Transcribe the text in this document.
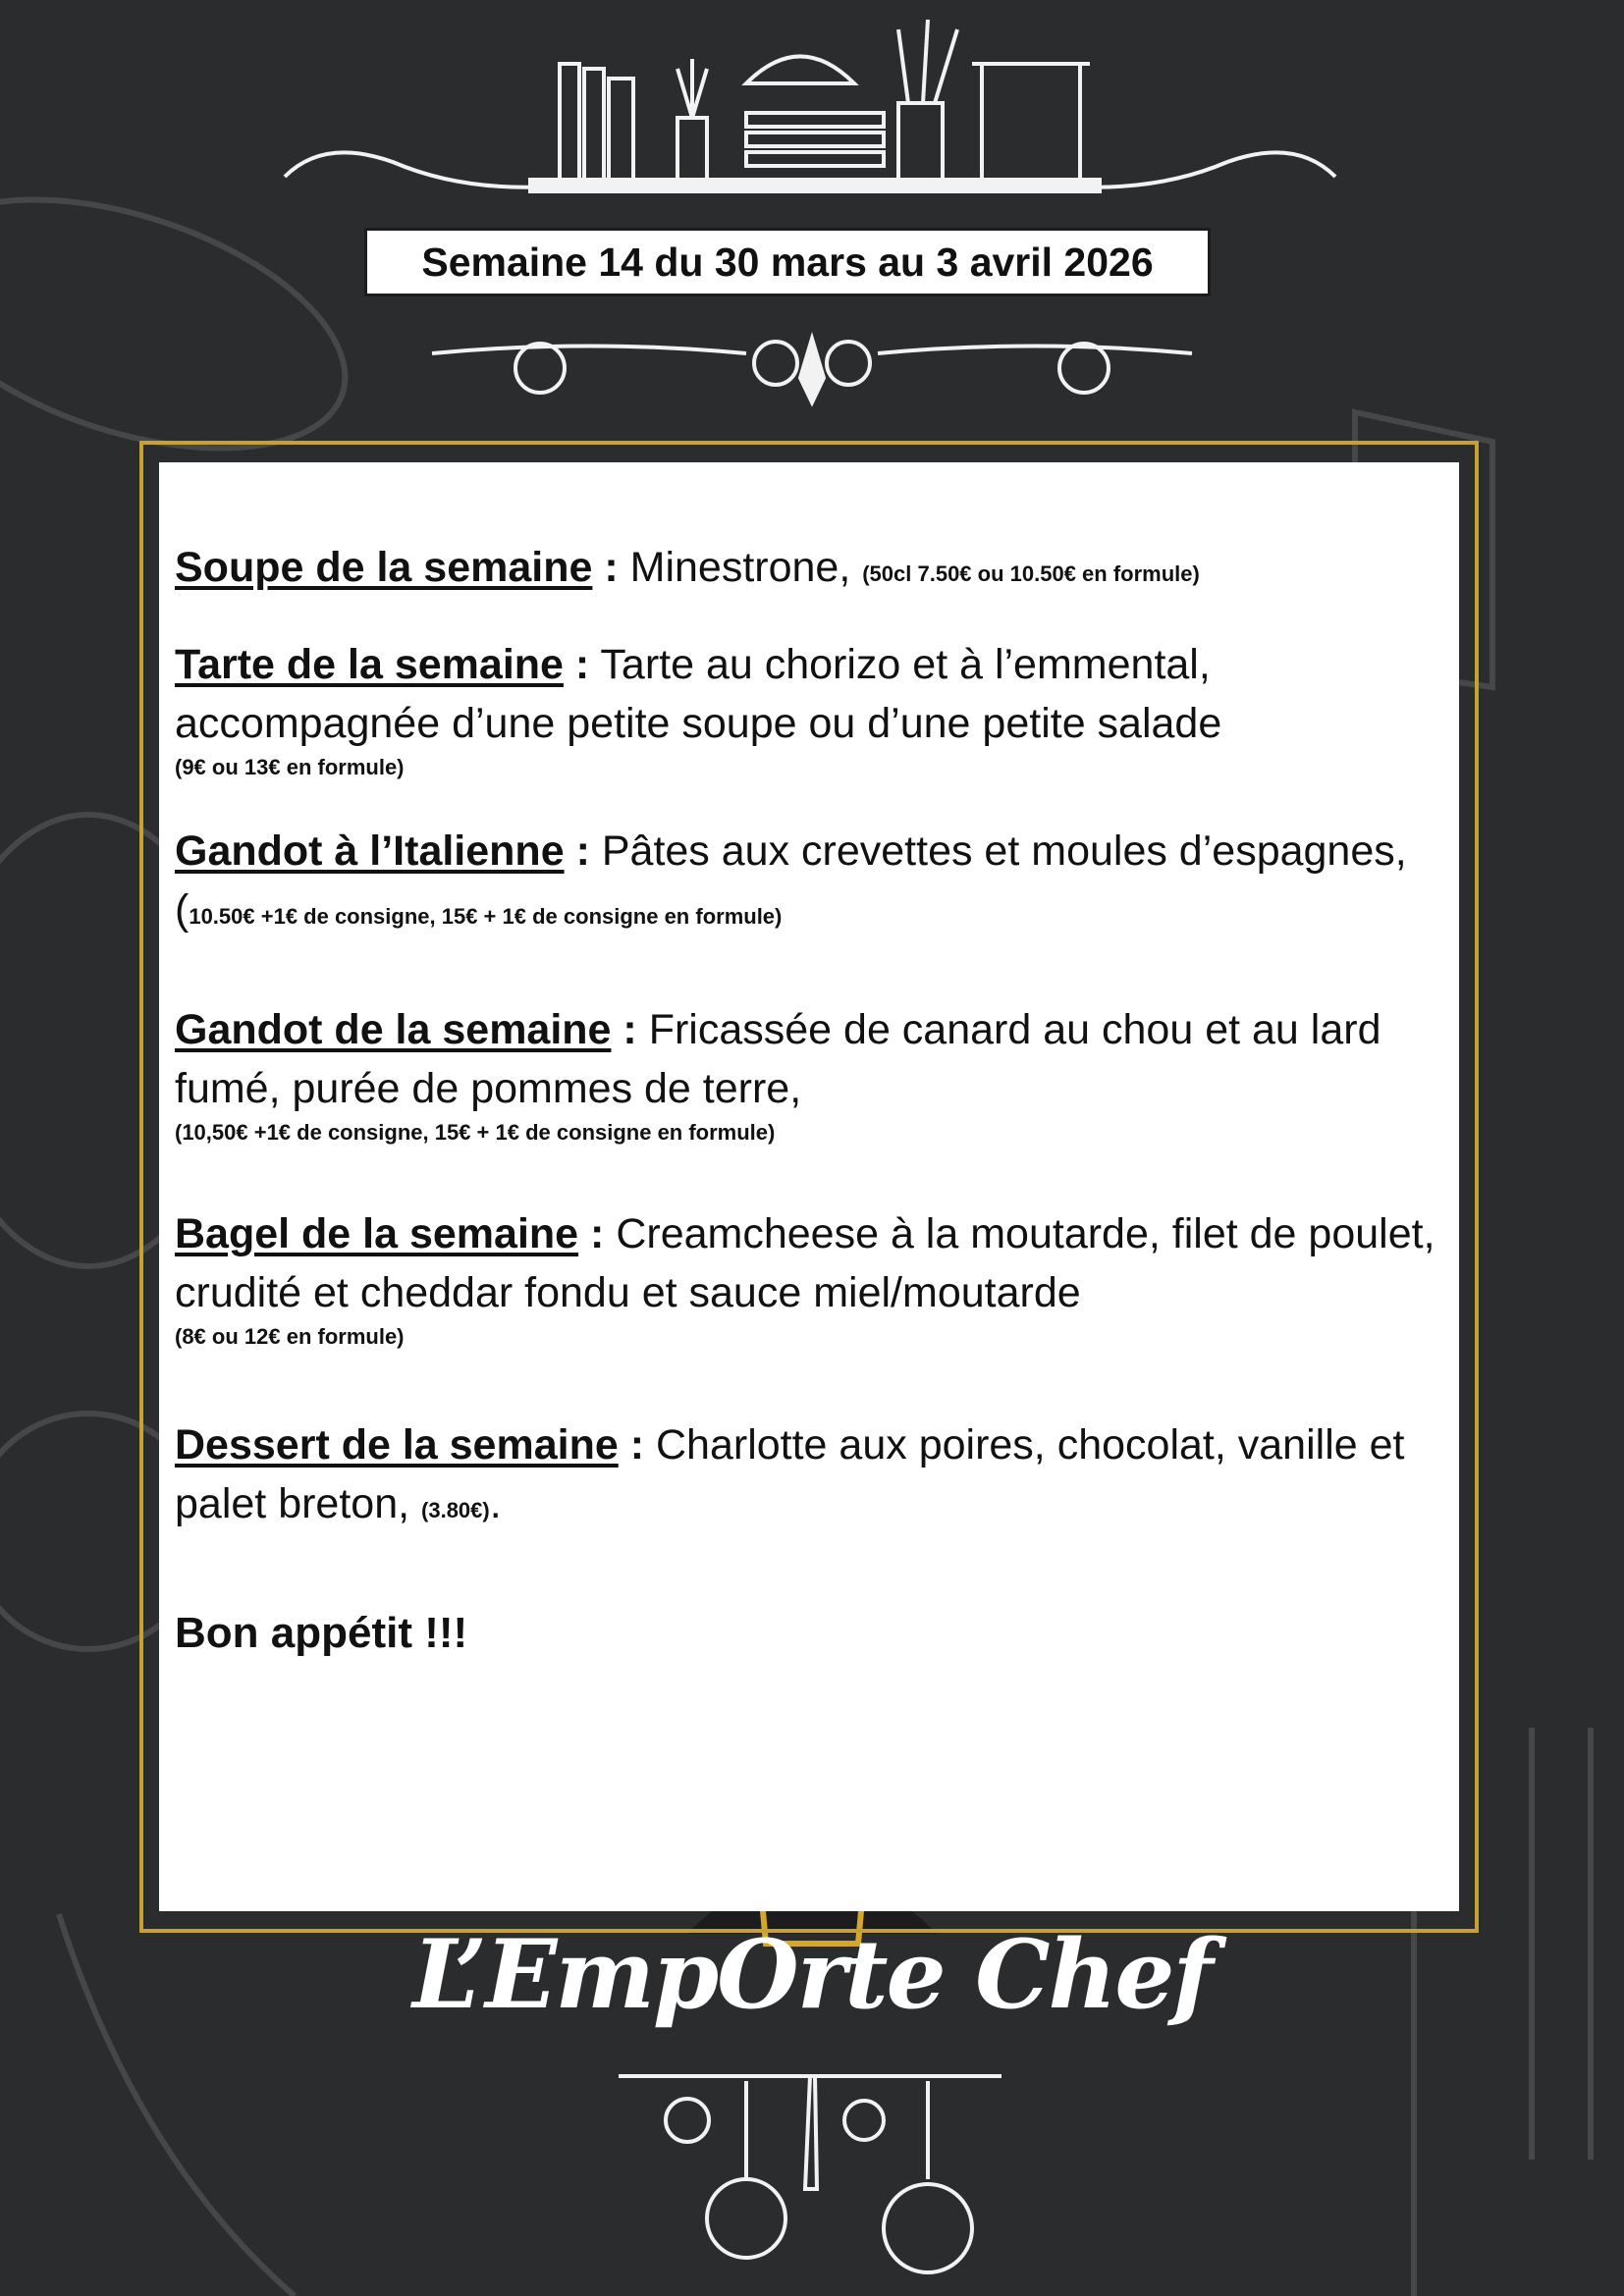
Semaine 14 du 30 mars au 3 avril 2026
Soupe de la semaine : Minestrone, (50cl 7.50€ ou 10.50€ en formule)
Tarte de la semaine : Tarte au chorizo et à l’emmental, accompagnée d’une petite soupe ou d’une petite salade
(9€ ou 13€ en formule)
Gandot à l’Italienne : Pâtes aux crevettes et moules d’espagnes, (10.50€ +1€ de consigne, 15€ + 1€ de consigne en formule)
Gandot de la semaine : Fricassée de canard au chou et au lard fumé, purée de pommes de terre,
(10,50€ +1€ de consigne, 15€ + 1€ de consigne en formule)
Bagel de la semaine : Creamcheese à la moutarde, filet de poulet, crudité et cheddar fondu et sauce miel/moutarde
(8€ ou 12€ en formule)
Dessert de la semaine : Charlotte aux poires, chocolat, vanille et palet breton, (3.80€).
Bon appétit !!!
L’EmpOrte Chef
